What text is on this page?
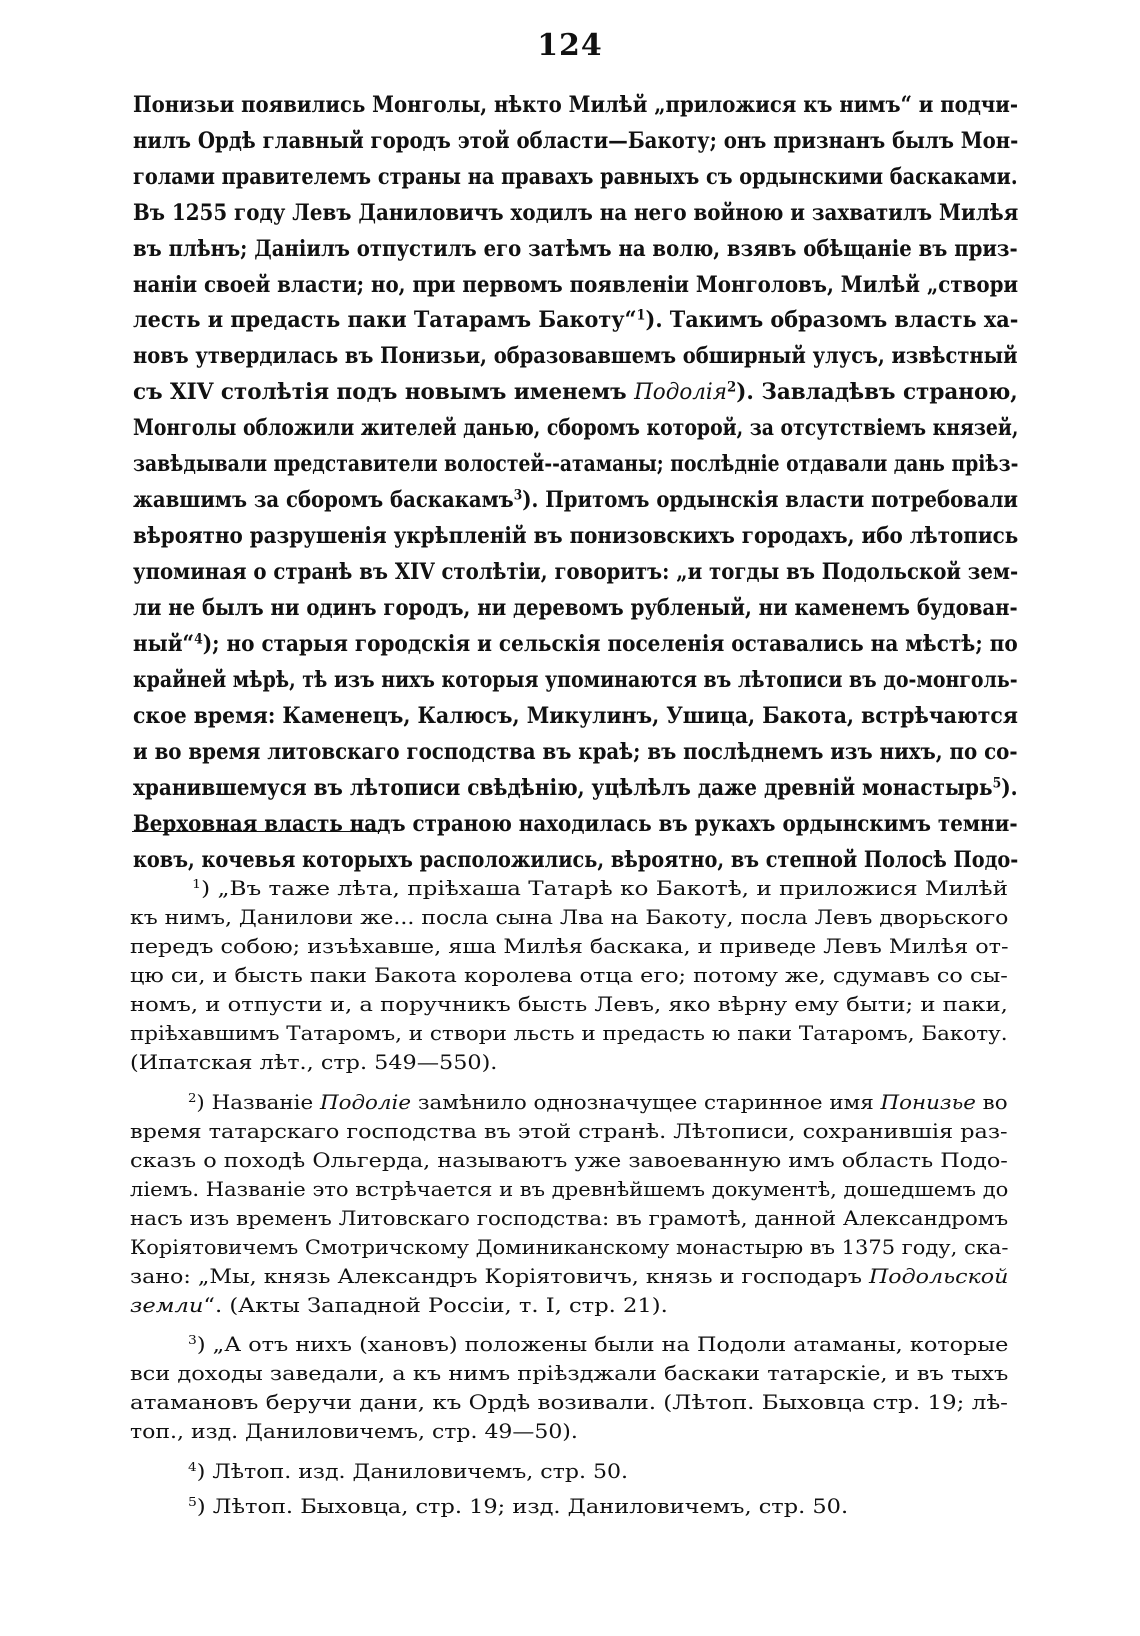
124
Понизьи появились Монголы, нѣкто Милѣй „приложися къ нимъ“ и подчи-
нилъ Ордѣ главный городъ этой области—Бакоту; онъ признанъ былъ Мон-
голами правителемъ страны на правахъ равныхъ съ ордынскими баскаками.
Въ 1255 году Левъ Даниловичъ ходилъ на него войною и захватилъ Милѣя
въ плѣнъ; Даніилъ отпустилъ его затѣмъ на волю, взявъ обѣщаніе въ приз-
наніи своей власти; но, при первомъ появленіи Монголовъ, Милѣй „створи
лесть и предасть паки Татарамъ Бакоту“$^1$). Такимъ образомъ власть ха-
новъ утвердилась въ Понизьи, образовавшемъ обширный улусъ, извѣстный
съ XIV столѣтія подъ новымъ именемъ Подолія$^2$). Завладѣвъ страною,
Монголы обложили жителей данью, сборомъ которой, за отсутствіемъ князей,
завѣдывали представители волостей--атаманы; послѣдніе отдавали дань пріѣз-
жавшимъ за сборомъ баскакамъ$^3$). Притомъ ордынскія власти потребовали
вѣроятно разрушенія укрѣпленій въ понизовскихъ городахъ, ибо лѣтопись
упоминая о странѣ въ XIV столѣтіи, говоритъ: „и тогды въ Подольской зем-
ли не былъ ни одинъ городъ, ни деревомъ рубленый, ни каменемъ будован-
ный“$^4$); но старыя городскія и сельскія поселенія оставались на мѣстѣ; по
крайней мѣрѣ, тѣ изъ нихъ которыя упоминаются въ лѣтописи въ до-монголь-
ское время: Каменецъ, Калюсъ, Микулинъ, Ушица, Бакота, встрѣчаются
и во время литовскаго господства въ краѣ; въ послѣднемъ изъ нихъ, по со-
хранившемуся въ лѣтописи свѣдѣнію, уцѣлѣлъ даже древній монастырь$^5$).
Верховная власть надъ страною находилась въ рукахъ ордынскимъ темни-
ковъ, кочевья которыхъ расположились, вѣроятно, въ степной Полосѣ Подо-
$^1$) „Въ таже лѣта, пріѣхаша Татарѣ ко Бакотѣ, и приложися Милѣй
къ нимъ, Данилови же... посла сына Лва на Бакоту, посла Левъ дворьского
передъ собою; изъѣхавше, яша Милѣя баскака, и приведе Левъ Милѣя от-
цю си, и бысть паки Бакота королева отца его; потому же, сдумавъ со сы-
номъ, и отпусти и, а поручникъ бысть Левъ, яко вѣрну ему быти; и паки,
пріѣхавшимъ Татаромъ, и створи льсть и предасть ю паки Татаромъ, Бакоту.
(Ипатская лѣт., стр. 549—550).
$^2$) Названіе Подоліе замѣнило однозначущее старинное имя Понизье во
время татарскаго господства въ этой странѣ. Лѣтописи, сохранившія раз-
сказъ о походѣ Ольгерда, называютъ уже завоеванную имъ область Подо-
ліемъ. Названіе это встрѣчается и въ древнѣйшемъ документѣ, дошедшемъ до
насъ изъ временъ Литовскаго господства: въ грамотѣ, данной Александромъ
Коріятовичемъ Смотричскому Доминиканскому монастырю въ 1375 году, ска-
зано: „Мы, князь Александръ Коріятовичъ, князь и господаръ Подольской
земли“. (Акты Западной Россіи, т. I, стр. 21).
$^3$) „А отъ нихъ (хановъ) положены были на Подоли атаманы, которые
вси доходы заведали, а къ нимъ пріѣзджали баскаки татарскіе, и въ тыхъ
атамановъ беручи дани, къ Ордѣ возивали. (Лѣтоп. Быховца стр. 19; лѣ-
топ., изд. Даниловичемъ, стр. 49—50).
$^4$) Лѣтоп. изд. Даниловичемъ, стр. 50.
$^5$) Лѣтоп. Быховца, стр. 19; изд. Даниловичемъ, стр. 50.
